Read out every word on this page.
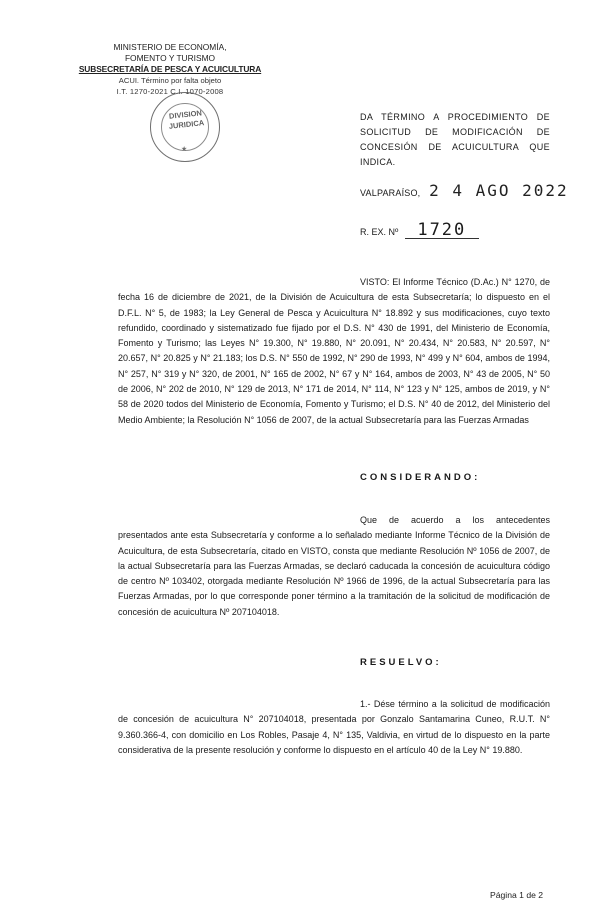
MINISTERIO DE ECONOMÍA,
FOMENTO Y TURISMO
SUBSECRETARÍA DE PESCA Y ACUICULTURA
ACUI. Término por falta objeto
I.T. 1270-2021 C.I. 1070-2008
DIVISION
JURIDICA
★
DA TÉRMINO A PROCEDIMIENTO DE SOLICITUD DE MODIFICACIÓN DE CONCESIÓN DE ACUICULTURA QUE INDICA.
VALPARAÍSO, 2 4 AGO 2022
R. EX. Nº 1720
VISTO: El Informe Técnico (D.Ac.) N° 1270, de fecha 16 de diciembre de 2021, de la División de Acuicultura de esta Subsecretaría; lo dispuesto en el D.F.L. N° 5, de 1983; la Ley General de Pesca y Acuicultura N° 18.892 y sus modificaciones, cuyo texto refundido, coordinado y sistematizado fue fijado por el D.S. N° 430 de 1991, del Ministerio de Economía, Fomento y Turismo; las Leyes N° 19.300, N° 19.880, N° 20.091, N° 20.434, N° 20.583, N° 20.597, N° 20.657, N° 20.825 y N° 21.183; los D.S. N° 550 de 1992, N° 290 de 1993, N° 499 y N° 604, ambos de 1994, N° 257, N° 319 y N° 320, de 2001, N° 165 de 2002, N° 67 y N° 164, ambos de 2003, N° 43 de 2005, N° 50 de 2006, N° 202 de 2010, N° 129 de 2013, N° 171 de 2014, N° 114, N° 123 y N° 125, ambos de 2019, y N° 58 de 2020 todos del Ministerio de Economía, Fomento y Turismo; el D.S. N° 40 de 2012, del Ministerio del Medio Ambiente; la Resolución N° 1056 de 2007, de la actual Subsecretaría para las Fuerzas Armadas
CONSIDERANDO:
Que de acuerdo a los antecedentes presentados ante esta Subsecretaría y conforme a lo señalado mediante Informe Técnico de la División de Acuicultura, de esta Subsecretaría, citado en VISTO, consta que mediante Resolución Nº 1056 de 2007, de la actual Subsecretaría para las Fuerzas Armadas, se declaró caducada la concesión de acuicultura código de centro Nº 103402, otorgada mediante Resolución Nº 1966 de 1996, de la actual Subsecretaría para las Fuerzas Armadas, por lo que corresponde poner término a la tramitación de la solicitud de modificación de concesión de acuicultura Nº 207104018.
RESUELVO:
1.- Dése término a la solicitud de modificación de concesión de acuicultura N° 207104018, presentada por Gonzalo Santamarina Cuneo, R.U.T. N° 9.360.366-4, con domicilio en Los Robles, Pasaje 4, N° 135, Valdivia, en virtud de lo dispuesto en la parte considerativa de la presente resolución y conforme lo dispuesto en el artículo 40 de la Ley N° 19.880.
Página 1 de 2
